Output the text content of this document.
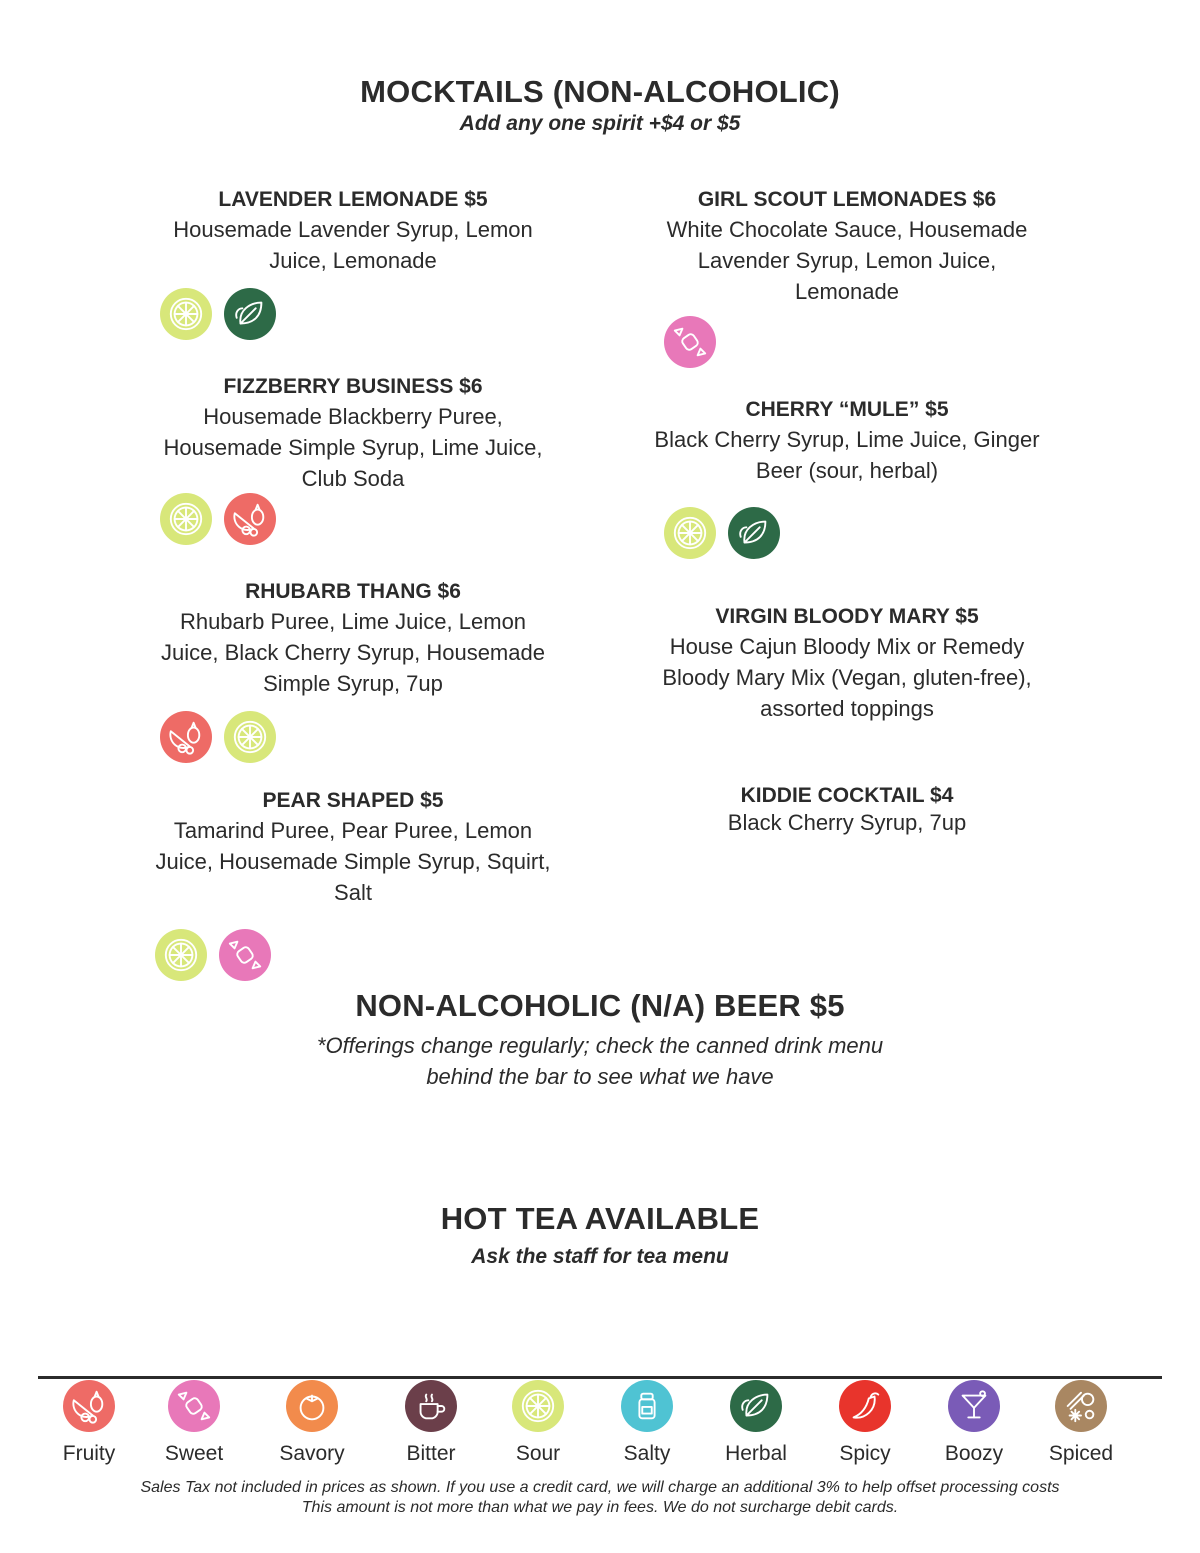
MOCKTAILS (NON-ALCOHOLIC)
Add any one spirit +$4 or $5
LAVENDER LEMONADE $5
Housemade Lavender Syrup, Lemon
Juice, Lemonade
FIZZBERRY BUSINESS $6
Housemade Blackberry Puree,
Housemade Simple Syrup, Lime Juice,
Club Soda
RHUBARB THANG $6
Rhubarb Puree, Lime Juice, Lemon
Juice, Black Cherry Syrup, Housemade
Simple Syrup, 7up
PEAR SHAPED $5
Tamarind Puree, Pear Puree, Lemon
Juice, Housemade Simple Syrup, Squirt,
Salt
GIRL SCOUT LEMONADES $6
White Chocolate Sauce, Housemade
Lavender Syrup, Lemon Juice,
Lemonade
CHERRY “MULE” $5
Black Cherry Syrup, Lime Juice, Ginger
Beer (sour, herbal)
VIRGIN BLOODY MARY $5
House Cajun Bloody Mix or Remedy
Bloody Mary Mix (Vegan, gluten-free),
assorted toppings
KIDDIE COCKTAIL $4
Black Cherry Syrup, 7up
NON-ALCOHOLIC (N/A) BEER $5
*Offerings change regularly; check the canned drink menu
behind the bar to see what we have
HOT TEA AVAILABLE
Ask the staff for tea menu
Fruity	Sweet	Savory	Bitter	Sour	Salty	Herbal	Spicy	Boozy	Spiced
Sales Tax not included in prices as shown. If you use a credit card, we will charge an additional 3% to help offset processing costs
This amount is not more than what we pay in fees. We do not surcharge debit cards.
